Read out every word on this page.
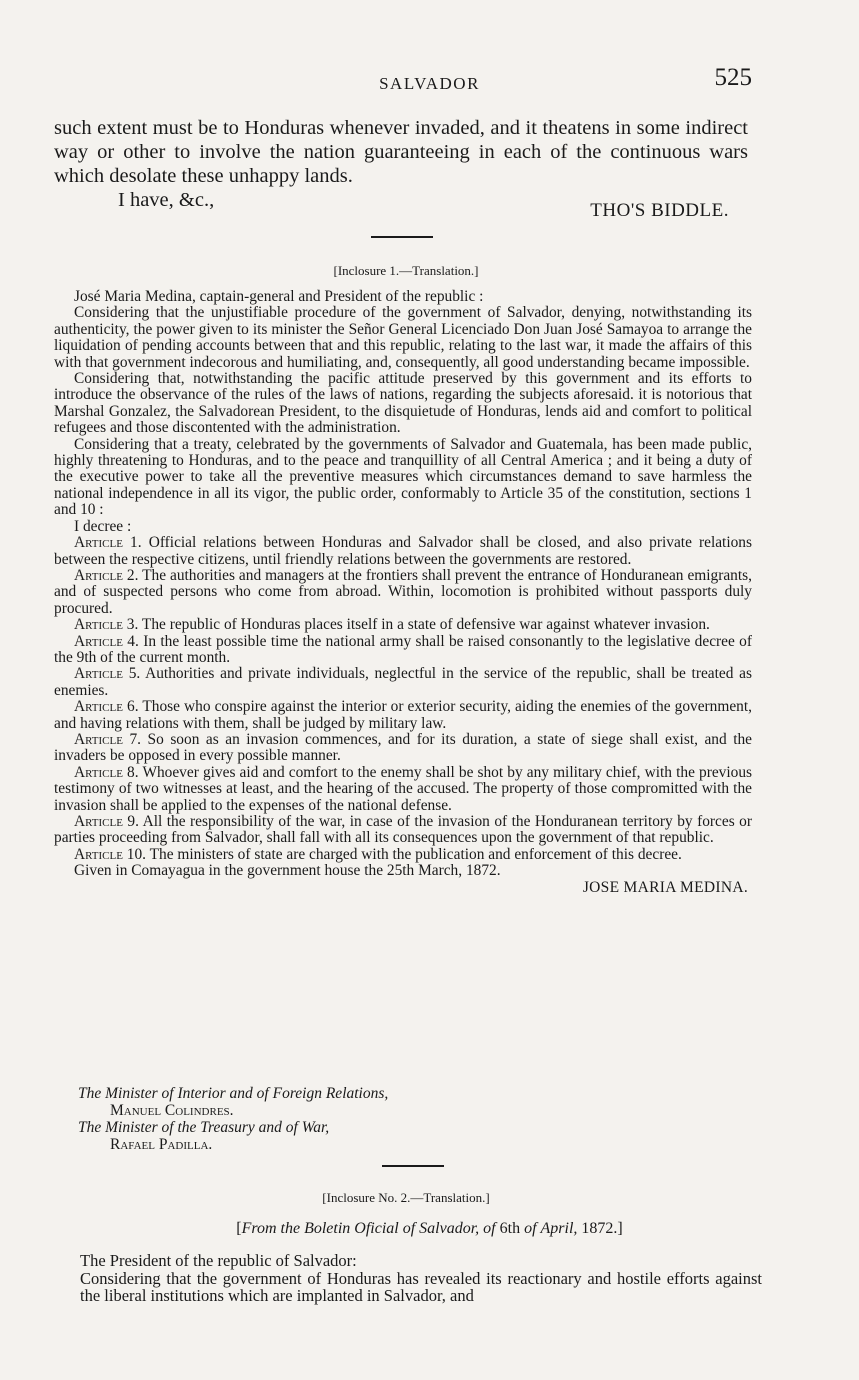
SALVADOR	525
such extent must be to Honduras whenever invaded, and it theatens in some indirect way or other to involve the nation guaranteeing in each of the continuous wars which desolate these unhappy lands.
I have, &c.,	THO'S BIDDLE.
[Inclosure 1.—Translation.]

José Maria Medina, captain-general and President of the republic :

Considering that the unjustifiable procedure of the government of Salvador, denying, notwithstanding its authenticity, the power given to its minister the Señor General Licenciado Don Juan José Samayoa to arrange the liquidation of pending accounts between that and this republic, relating to the last war, it made the affairs of this with that government indecorous and humiliating, and, consequently, all good understanding became impossible.

Considering that, notwithstanding the pacific attitude preserved by this government and its efforts to introduce the observance of the rules of the laws of nations, regarding the subjects aforesaid. it is notorious that Marshal Gonzalez, the Salvadorean President, to the disquietude of Honduras, lends aid and comfort to political refugees and those discontented with the administration.

Considering that a treaty, celebrated by the governments of Salvador and Guatemala, has been made public, highly threatening to Honduras, and to the peace and tranquillity of all Central America ; and it being a duty of the executive power to take all the preventive measures which circumstances demand to save harmless the national independence in all its vigor, the public order, conformably to Article 35 of the constitution, sections 1 and 10 :

I decree :

Article 1. Official relations between Honduras and Salvador shall be closed, and also private relations between the respective citizens, until friendly relations between the governments are restored.

Article 2. The authorities and managers at the frontiers shall prevent the entrance of Honduranean emigrants, and of suspected persons who come from abroad. Within, locomotion is prohibited without passports duly procured.

Article 3. The republic of Honduras places itself in a state of defensive war against whatever invasion.

Article 4. In the least possible time the national army shall be raised consonantly to the legislative decree of the 9th of the current month.

Article 5. Authorities and private individuals, neglectful in the service of the republic, shall be treated as enemies.

Article 6. Those who conspire against the interior or exterior security, aiding the enemies of the government, and having relations with them, shall be judged by military law.

Article 7. So soon as an invasion commences, and for its duration, a state of siege shall exist, and the invaders be opposed in every possible manner.

Article 8. Whoever gives aid and comfort to the enemy shall be shot by any military chief, with the previous testimony of two witnesses at least, and the hearing of the accused. The property of those compromitted with the invasion shall be applied to the expenses of the national defense.

Article 9. All the responsibility of the war, in case of the invasion of the Honduranean territory by forces or parties proceeding from Salvador, shall fall with all its consequences upon the government of that republic.

Article 10. The ministers of state are charged with the publication and enforcement of this decree.

Given in Comayagua in the government house the 25th March, 1872.

JOSE MARIA MEDINA.
The Minister of Interior and of Foreign Relations,
Manuel Colindres.
The Minister of the Treasury and of War,
Rafael Padilla.
[Inclosure No. 2.—Translation.]
[From the Boletin Oficial of Salvador, of 6th of April, 1872.]

The President of the republic of Salvador:

Considering that the government of Honduras has revealed its reactionary and hostile efforts against the liberal institutions which are implanted in Salvador, and
